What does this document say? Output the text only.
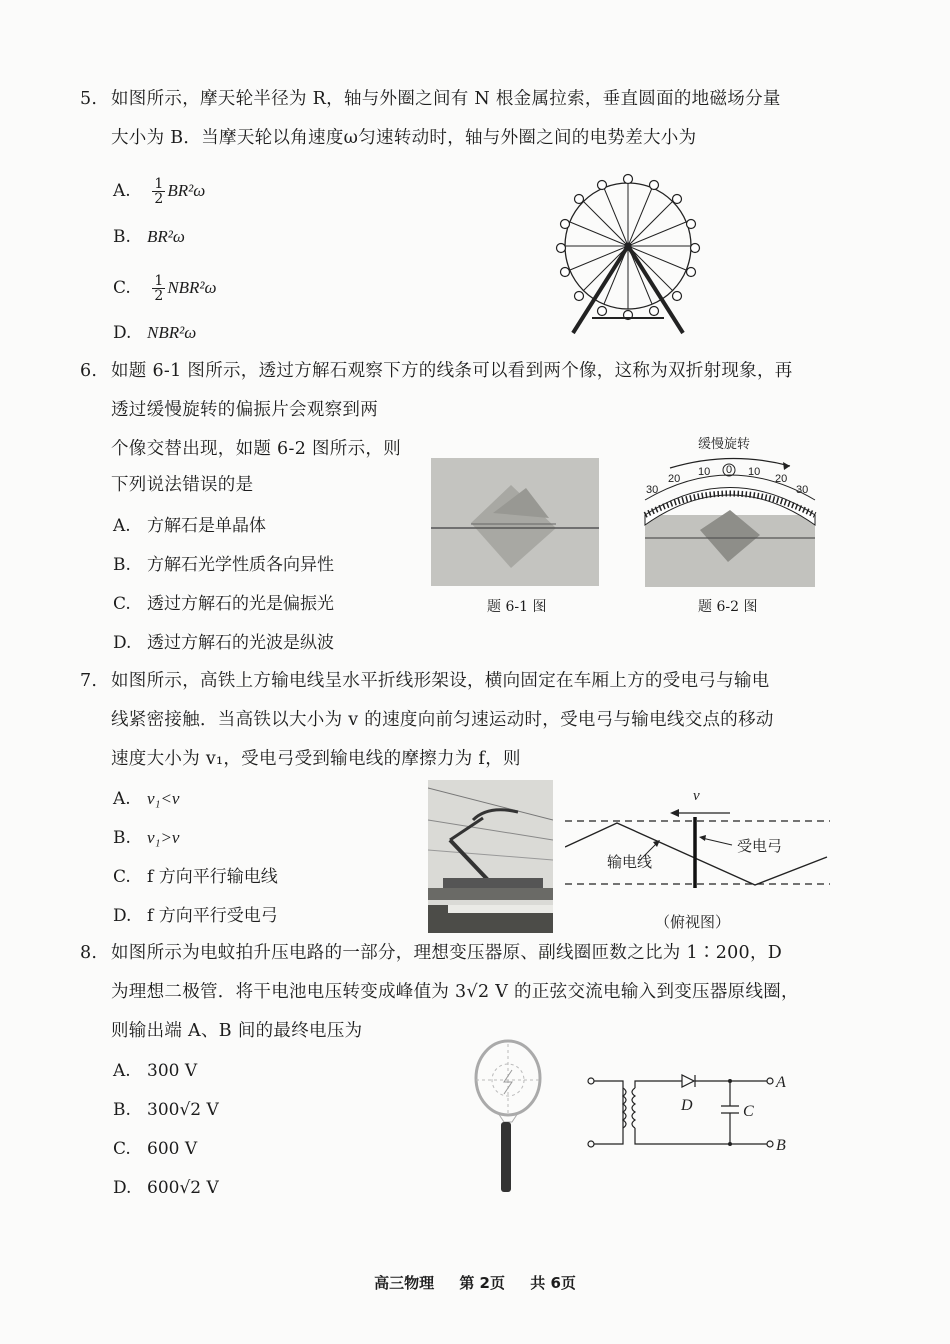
5. 如图所示，摩天轮半径为 R，轴与外圈之间有 N 根金属拉索，垂直圆面的地磁场分量
大小为 B．当摩天轮以角速度ω匀速转动时，轴与外圈之间的电势差大小为
A. $\frac{1}{2} BR^2\omega$
B. BR²ω
C. $\frac{1}{2} NBR^2\omega$
D. NBR²ω
6. 如题 6-1 图所示，透过方解石观察下方的线条可以看到两个像，这称为双折射现象，再
透过缓慢旋转的偏振片会观察到两
个像交替出现，如题 6-2 图所示，则
下列说法错误的是
A. 方解石是单晶体
B. 方解石光学性质各向异性
C. 透过方解石的光是偏振光
D. 透过方解石的光波是纵波
题 6-1 图
缓慢旋转
30
20
10 0 10
20
30
题 6-2 图
7. 如图所示，高铁上方输电线呈水平折线形架设，横向固定在车厢上方的受电弓与输电
线紧密接触．当高铁以大小为 v 的速度向前匀速运动时，受电弓与输电线交点的移动
速度大小为 v₁，受电弓受到输电线的摩擦力为 f，则
A. v₁<v
B. v₁>v
C. f 方向平行输电线
D. f 方向平行受电弓
v
受电弓
输电线
（俯视图）
8. 如图所示为电蚊拍升压电路的一部分，理想变压器原、副线圈匝数之比为 1∶200，D
为理想二极管．将干电池电压转变成峰值为 3√2 V 的正弦交流电输入到变压器原线圈，
则输出端 A、B 间的最终电压为
A. 300 V
B. 300√2 V
C. 600 V
D. 600√2 V
D	C
A
B
高三物理 第 2页 共 6页
